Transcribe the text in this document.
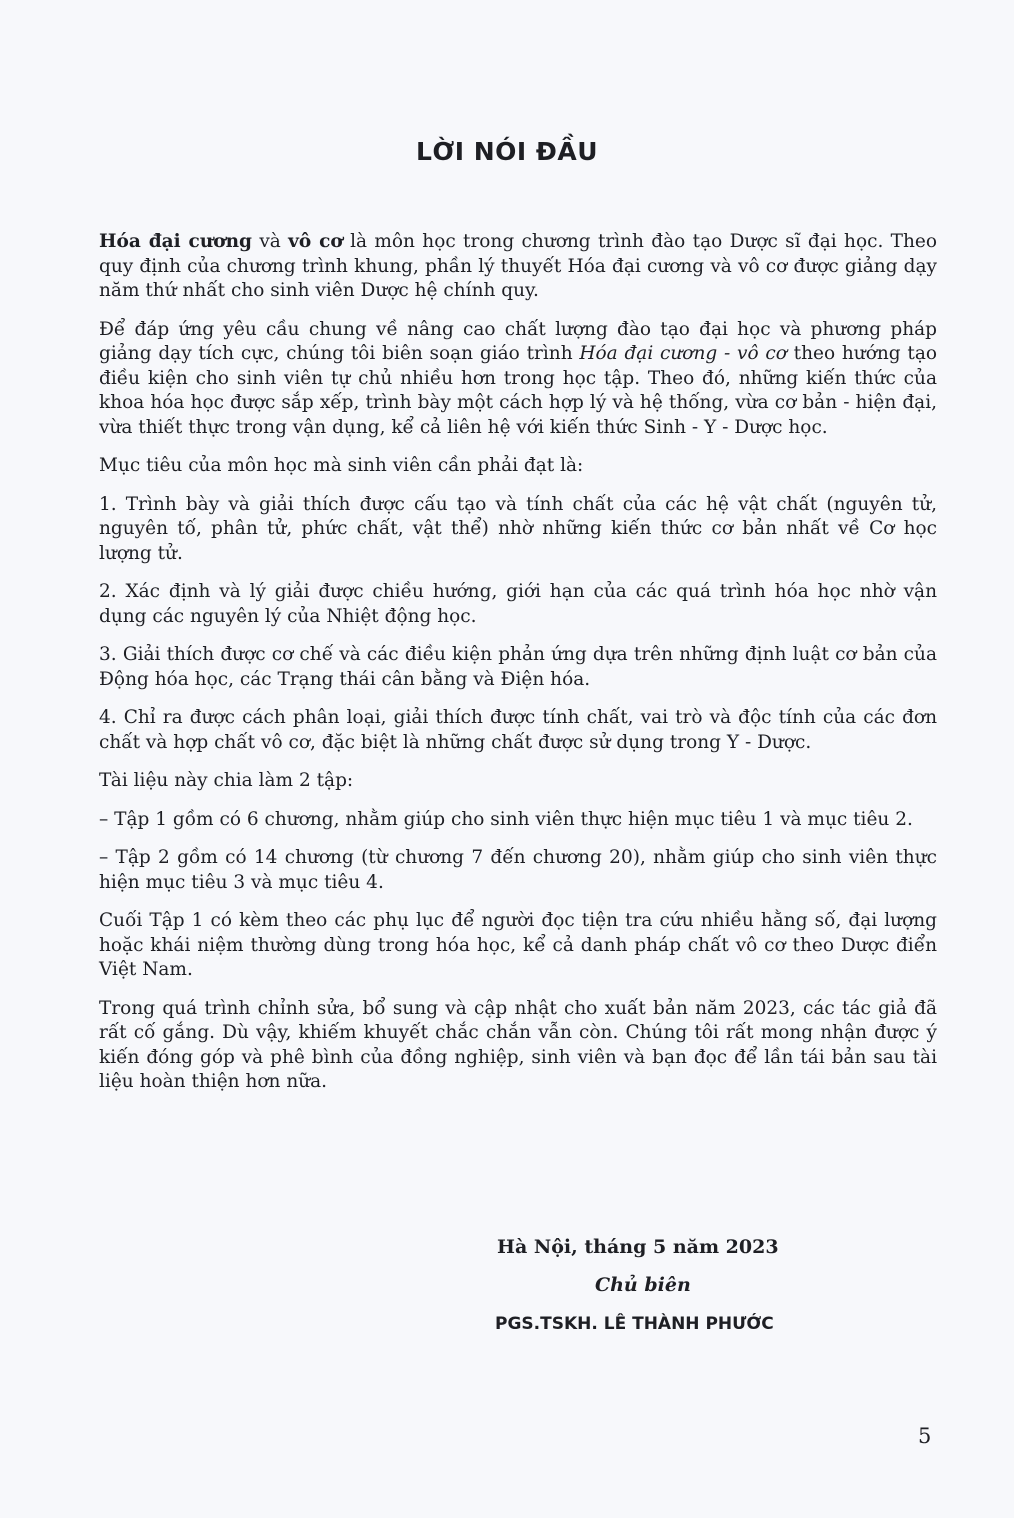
LỜI NÓI ĐẦU

Hóa đại cương và vô cơ là môn học trong chương trình đào tạo Dược sĩ đại học. Theo quy định của chương trình khung, phần lý thuyết Hóa đại cương và vô cơ được giảng dạy năm thứ nhất cho sinh viên Dược hệ chính quy.

Để đáp ứng yêu cầu chung về nâng cao chất lượng đào tạo đại học và phương pháp giảng dạy tích cực, chúng tôi biên soạn giáo trình Hóa đại cương - vô cơ theo hướng tạo điều kiện cho sinh viên tự chủ nhiều hơn trong học tập. Theo đó, những kiến thức của khoa hóa học được sắp xếp, trình bày một cách hợp lý và hệ thống, vừa cơ bản - hiện đại, vừa thiết thực trong vận dụng, kể cả liên hệ với kiến thức Sinh - Y - Dược học.

Mục tiêu của môn học mà sinh viên cần phải đạt là:

1. Trình bày và giải thích được cấu tạo và tính chất của các hệ vật chất (nguyên tử, nguyên tố, phân tử, phức chất, vật thể) nhờ những kiến thức cơ bản nhất về Cơ học lượng tử.

2. Xác định và lý giải được chiều hướng, giới hạn của các quá trình hóa học nhờ vận dụng các nguyên lý của Nhiệt động học.

3. Giải thích được cơ chế và các điều kiện phản ứng dựa trên những định luật cơ bản của Động hóa học, các Trạng thái cân bằng và Điện hóa.

4. Chỉ ra được cách phân loại, giải thích được tính chất, vai trò và độc tính của các đơn chất và hợp chất vô cơ, đặc biệt là những chất được sử dụng trong Y - Dược.

Tài liệu này chia làm 2 tập:

– Tập 1 gồm có 6 chương, nhằm giúp cho sinh viên thực hiện mục tiêu 1 và mục tiêu 2.

– Tập 2 gồm có 14 chương (từ chương 7 đến chương 20), nhằm giúp cho sinh viên thực hiện mục tiêu 3 và mục tiêu 4.

Cuối Tập 1 có kèm theo các phụ lục để người đọc tiện tra cứu nhiều hằng số, đại lượng hoặc khái niệm thường dùng trong hóa học, kể cả danh pháp chất vô cơ theo Dược điển Việt Nam.

Trong quá trình chỉnh sửa, bổ sung và cập nhật cho xuất bản năm 2023, các tác giả đã rất cố gắng. Dù vậy, khiếm khuyết chắc chắn vẫn còn. Chúng tôi rất mong nhận được ý kiến đóng góp và phê bình của đồng nghiệp, sinh viên và bạn đọc để lần tái bản sau tài liệu hoàn thiện hơn nữa.

Hà Nội, tháng 5 năm 2023
Chủ biên
PGS.TSKH. LÊ THÀNH PHƯỚC
5
